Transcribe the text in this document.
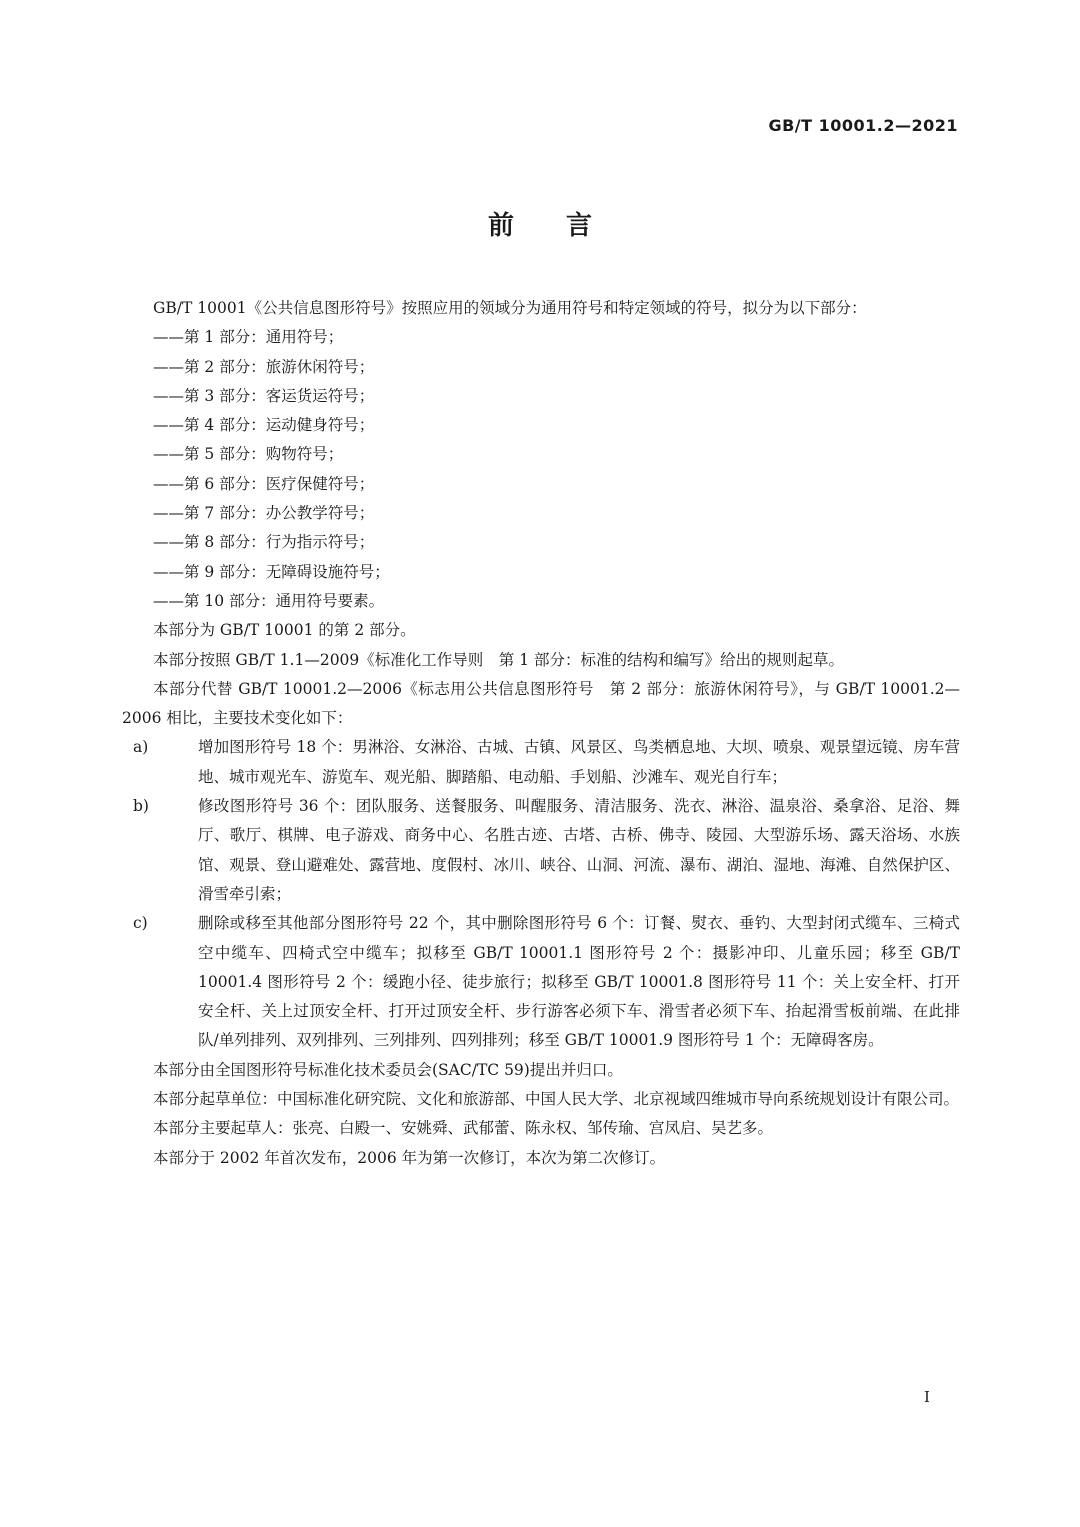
GB/T 10001.2—2021
前言

GB/T 10001《公共信息图形符号》按照应用的领域分为通用符号和特定领域的符号，拟分为以下部分：

——第 1 部分：通用符号；

——第 2 部分：旅游休闲符号；

——第 3 部分：客运货运符号；

——第 4 部分：运动健身符号；

——第 5 部分：购物符号；

——第 6 部分：医疗保健符号；

——第 7 部分：办公教学符号；

——第 8 部分：行为指示符号；

——第 9 部分：无障碍设施符号；

——第 10 部分：通用符号要素。

本部分为 GB/T 10001 的第 2 部分。

本部分按照 GB/T 1.1—2009《标准化工作导则　第 1 部分：标准的结构和编写》给出的规则起草。

本部分代替 GB/T 10001.2—2006《标志用公共信息图形符号　第 2 部分：旅游休闲符号》，与 GB/T 10001.2—2006 相比，主要技术变化如下：

a)	增加图形符号 18 个：男淋浴、女淋浴、古城、古镇、风景区、鸟类栖息地、大坝、喷泉、观景望远镜、房车营地、城市观光车、游览车、观光船、脚踏船、电动船、手划船、沙滩车、观光自行车；

b)	修改图形符号 36 个：团队服务、送餐服务、叫醒服务、清洁服务、洗衣、淋浴、温泉浴、桑拿浴、足浴、舞厅、歌厅、棋牌、电子游戏、商务中心、名胜古迹、古塔、古桥、佛寺、陵园、大型游乐场、露天浴场、水族馆、观景、登山避难处、露营地、度假村、冰川、峡谷、山洞、河流、瀑布、湖泊、湿地、海滩、自然保护区、滑雪牵引索；

c)	删除或移至其他部分图形符号 22 个，其中删除图形符号 6 个：订餐、熨衣、垂钓、大型封闭式缆车、三椅式空中缆车、四椅式空中缆车；拟移至 GB/T 10001.1 图形符号 2 个：摄影冲印、儿童乐园；移至 GB/T 10001.4 图形符号 2 个：缓跑小径、徒步旅行；拟移至 GB/T 10001.8 图形符号 11 个：关上安全杆、打开安全杆、关上过顶安全杆、打开过顶安全杆、步行游客必须下车、滑雪者必须下车、抬起滑雪板前端、在此排队/单列排列、双列排列、三列排列、四列排列；移至 GB/T 10001.9 图形符号 1 个：无障碍客房。

本部分由全国图形符号标准化技术委员会(SAC/TC 59)提出并归口。

本部分起草单位：中国标准化研究院、文化和旅游部、中国人民大学、北京视域四维城市导向系统规划设计有限公司。

本部分主要起草人：张亮、白殿一、安姚舜、武郁蕾、陈永权、邹传瑜、宫凤启、吴艺多。

本部分于 2002 年首次发布，2006 年为第一次修订，本次为第二次修订。

I
